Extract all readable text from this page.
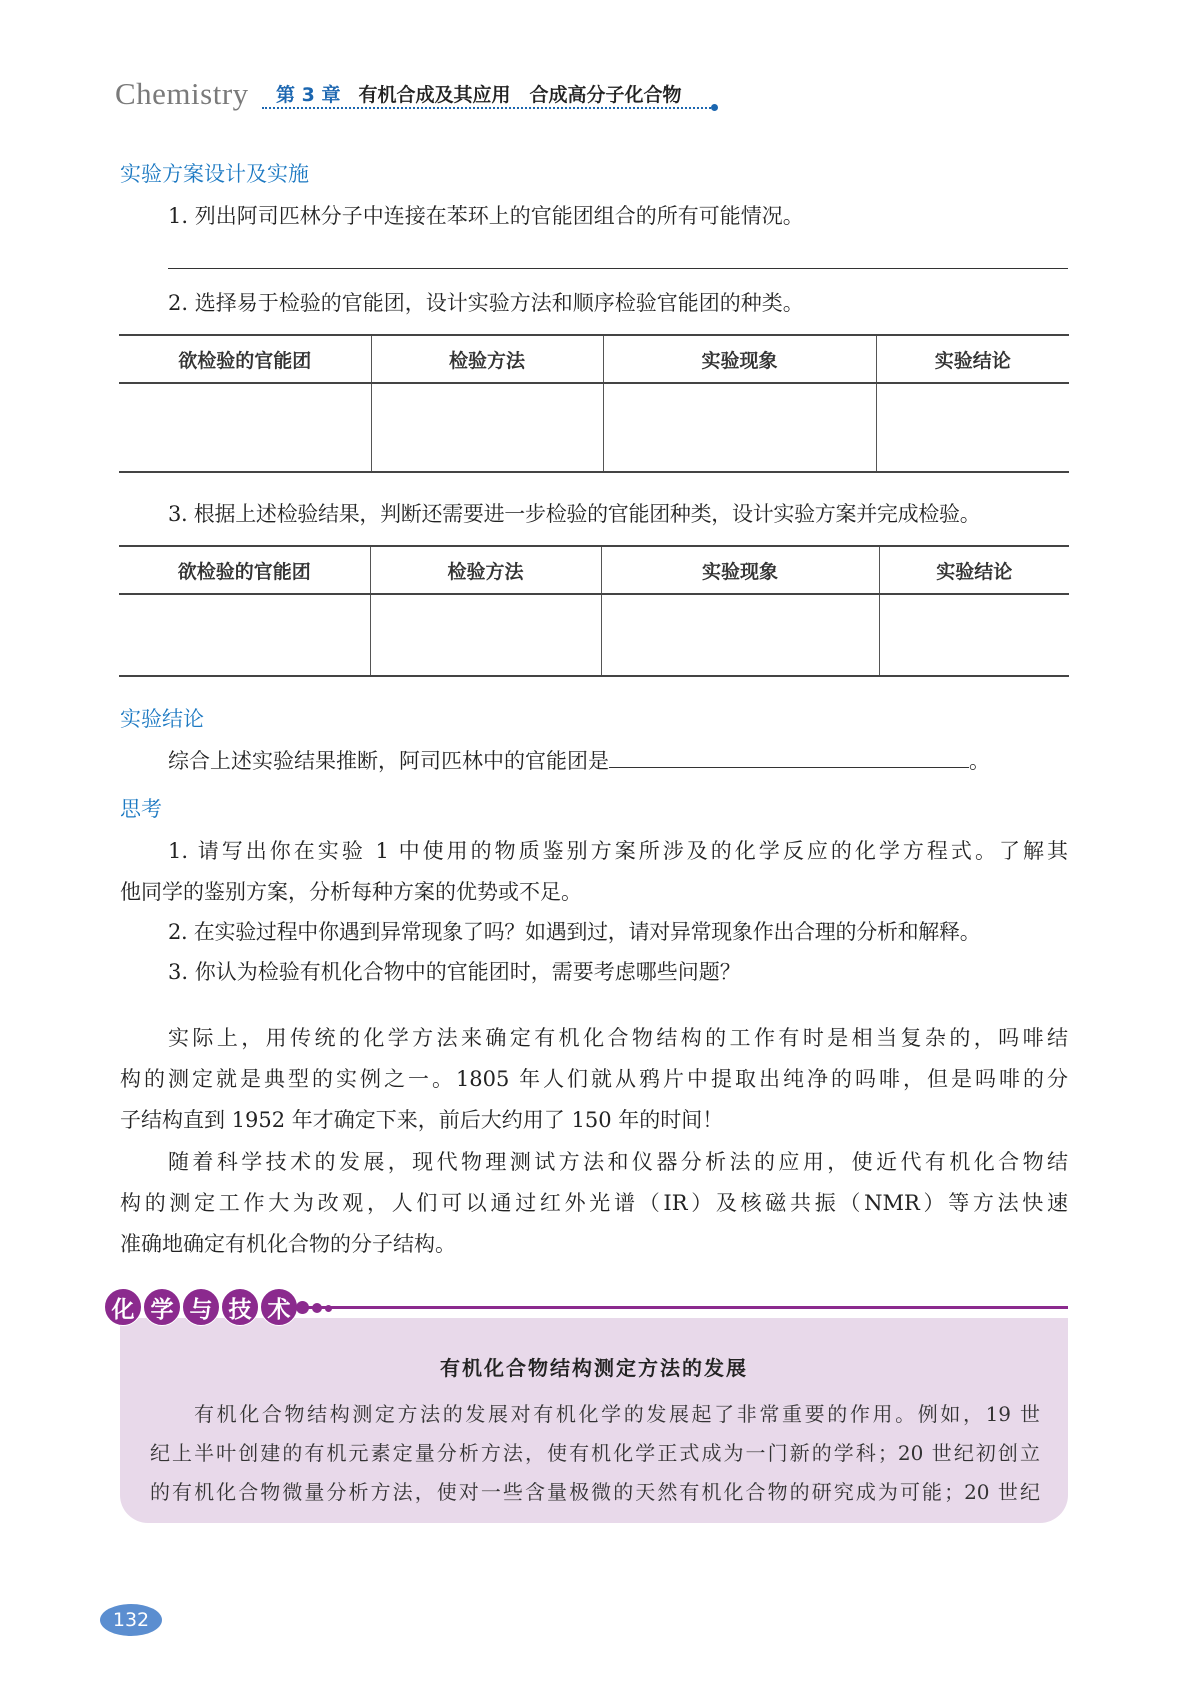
Chemistry 第 3 章 有机合成及其应用　合成高分子化合物
实验方案设计及实施
1. 列出阿司匹林分子中连接在苯环上的官能团组合的所有可能情况。
2. 选择易于检验的官能团，设计实验方法和顺序检验官能团的种类。
欲检验的官能团	检验方法	实验现象	实验结论

3. 根据上述检验结果，判断还需要进一步检验的官能团种类，设计实验方案并完成检验。
欲检验的官能团	检验方法	实验现象	实验结论

实验结论
综合上述实验结果推断，阿司匹林中的官能团是	。
思考
1. 请写出你在实验 1 中使用的物质鉴别方案所涉及的化学反应的化学方程式。了解其
他同学的鉴别方案，分析每种方案的优势或不足。
2. 在实验过程中你遇到异常现象了吗？如遇到过，请对异常现象作出合理的分析和解释。
3. 你认为检验有机化合物中的官能团时，需要考虑哪些问题？
实际上，用传统的化学方法来确定有机化合物结构的工作有时是相当复杂的，吗啡结
构的测定就是典型的实例之一。1805 年人们就从鸦片中提取出纯净的吗啡，但是吗啡的分
子结构直到 1952 年才确定下来，前后大约用了 150 年的时间！
随着科学技术的发展，现代物理测试方法和仪器分析法的应用，使近代有机化合物结
构的测定工作大为改观，人们可以通过红外光谱（IR）及核磁共振（NMR）等方法快速
准确地确定有机化合物的分子结构。
化 学 与 技 术
有机化合物结构测定方法的发展
有机化合物结构测定方法的发展对有机化学的发展起了非常重要的作用。例如，19 世
纪上半叶创建的有机元素定量分析方法，使有机化学正式成为一门新的学科；20 世纪初创立
的有机化合物微量分析方法，使对一些含量极微的天然有机化合物的研究成为可能；20 世纪
132
